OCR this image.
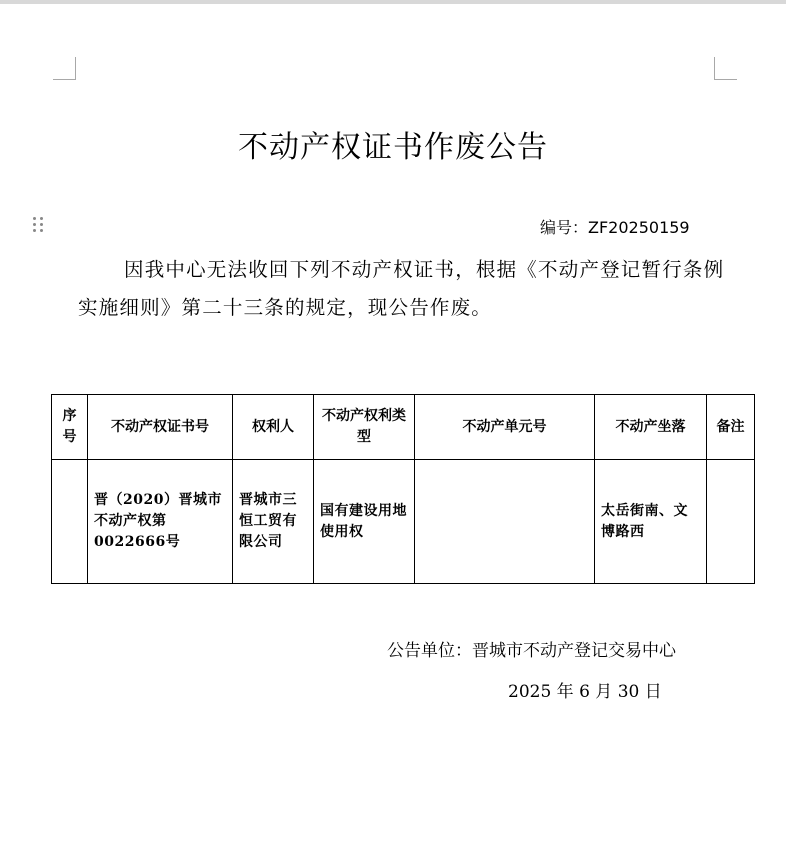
不动产权证书作废公告
编号：ZF20250159
因我中心无法收回下列不动产权证书，根据《不动产登记暂行条例实施细则》第二十三条的规定，现公告作废。
序号	不动产权证书号	权利人	不动产权利类型	不动产单元号	不动产坐落	备注
	晋（2020）晋城市不动产权第0022666号	晋城市三恒工贸有限公司	国有建设用地使用权		太岳街南、文博路西	
公告单位：晋城市不动产登记交易中心
2025 年 6 月 30 日
